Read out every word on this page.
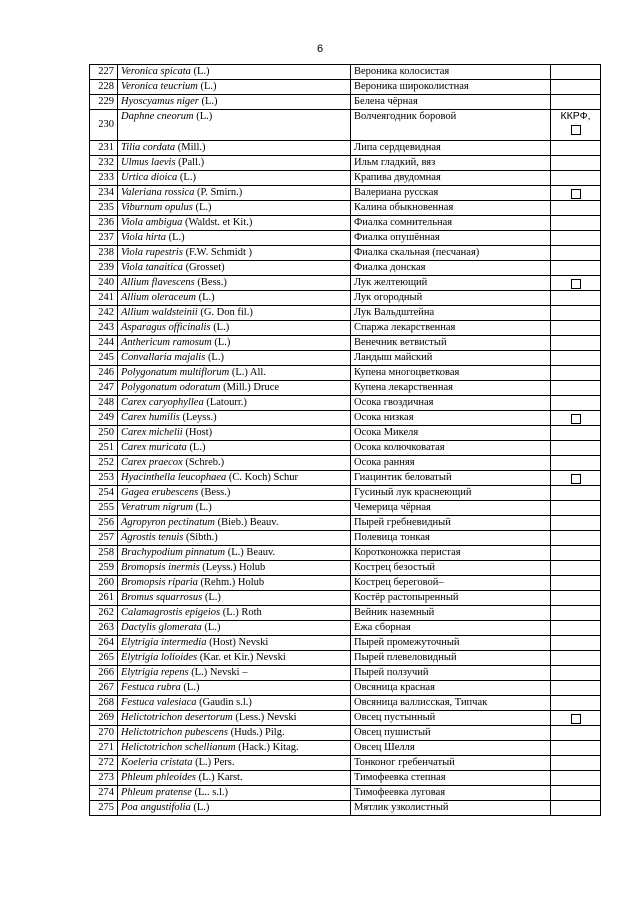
6
227	Veronica spicata (L.)	Вероника колосистая	
228	Veronica teucrium (L.)	Вероника широколистная	
229	Hyoscyamus niger (L.)	Белена чёрная	
230	Daphne cneorum (L.)	Волчеягодник боровой	ККРФ,

231	Tilia cordata (Mill.)	Липа сердцевидная	
232	Ulmus laevis (Pall.)	Ильм гладкий, вяз	
233	Urtica dioica (L.)	Крапива двудомная	
234	Valeriana rossica (P. Smirn.)	Валериана русская	
235	Viburnum opulus (L.)	Калина обыкновенная	
236	Viola ambigua (Waldst. et Kit.)	Фиалка сомнительная	
237	Viola hirta (L.)	Фиалка опушённая	
238	Viola rupestris (F.W. Schmidt )	Фиалка скальная (песчаная)	
239	Viola tanaitica (Grosset)	Фиалка донская	
240	Allium flavescens (Bess.)	Лук желтеющий	
241	Allium oleraceum (L.)	Лук огородный	
242	Allium waldsteinii (G. Don fil.)	Лук Вальдштейна	
243	Asparagus officinalis (L.)	Спаржа лекарственная	
244	Anthericum ramosum (L.)	Венечник ветвистый	
245	Convallaria majalis (L.)	Ландыш майский	
246	Polygonatum multiflorum (L.) All.	Купена многоцветковая	
247	Polygonatum odoratum (Mill.) Druce	Купена лекарственная	
248	Carex caryophyllea (Latourr.)	Осока гвоздичная	
249	Carex humilis (Leyss.)	Осока низкая	
250	Carex michelii (Host)	Осока Микеля	
251	Carex muricata (L.)	Осока колючковатая	
252	Carex praecox (Schreb.)	Осока ранняя	
253	Hyacinthella leucophaea (C. Koch) Schur	Гиацинтик беловатый	
254	Gagea erubescens (Bess.)	Гусиный лук краснеющий	
255	Veratrum nigrum (L.)	Чемерица чёрная	
256	Agropyron pectinatum (Bieb.) Beauv.	Пырей гребневидный	
257	Agrostis tenuis (Sibth.)	Полевица тонкая	
258	Brachypodium pinnatum (L.) Beauv.	Коротконожка перистая	
259	Bromopsis inermis (Leyss.) Holub	Кострец безостый	
260	Bromopsis riparia (Rehm.) Holub	Кострец береговой–	
261	Bromus squarrosus (L.)	Костёр растопыренный	
262	Calamagrostis epigeios (L.) Roth	Вейник наземный	
263	Dactylis glomerata (L.)	Ежа сборная	
264	Elytrigia intermedia (Host) Nevski	Пырей промежуточный	
265	Elytrigia lolioides (Kar. et Kir.) Nevski	Пырей плевеловидный	
266	Elytrigia repens (L.) Nevski –	Пырей ползучий	
267	Festuca rubra (L.)	Овсяница красная	
268	Festuca valesiaca (Gaudin s.l.)	Овсяница валлисская, Типчак	
269	Helictotrichon desertorum (Less.) Nevski	Овсец пустынный	
270	Helictotrichon pubescens (Huds.) Pilg.	Овсец пушистый	
271	Helictotrichon schellianum (Hack.) Kitag.	Овсец Шелля	
272	Koeleria cristata (L.) Pers.	Тонконог гребенчатый	
273	Phleum phleoides (L.) Karst.	Тимофеевка степная	
274	Phleum pratense (L.. s.l.)	Тимофеевка луговая	
275	Poa angustifolia (L.)	Мятлик узколистный	
